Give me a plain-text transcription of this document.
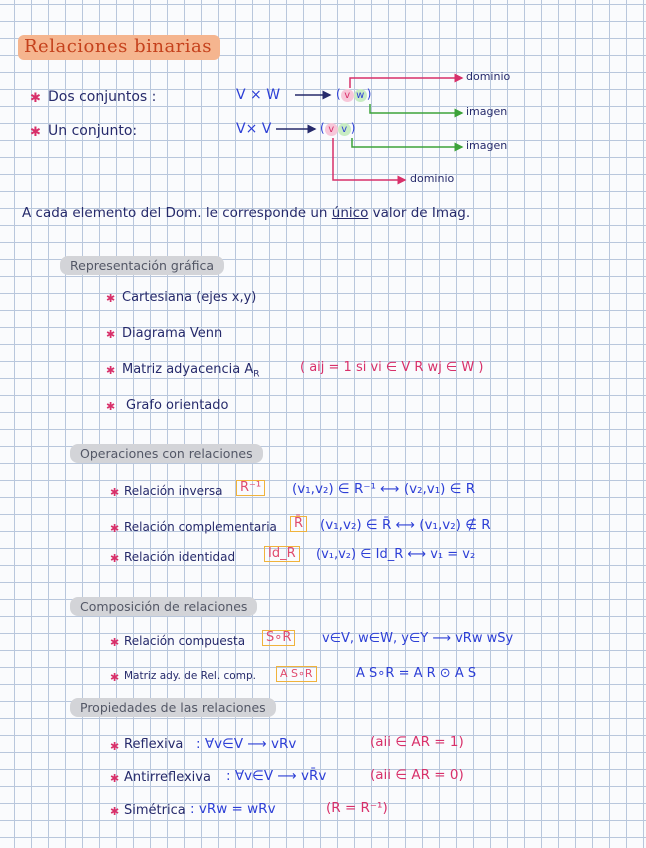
Relaciones binarias
✱ Dos conjuntos :	V × W
✱ Un conjunto:	V× V
( v w )
( v v )
dominio
imagen
imagen
dominio
A cada elemento del Dom. le corresponde un único valor de Imag.
Representación gráfica
✱ Cartesiana (ejes x,y)
✱ Diagrama Venn
✱ Matriz adyacencia $A_R$	( aij = 1 si vi ∈ V R wj ∈ W )
✱ Grafo orientado
Operaciones con relaciones
✱ Relación inversa	R⁻¹ (v₁,v₂) ∈ R⁻¹ ⟷ (v₂,v₁) ∈ R
✱ Relación complementaria	R̄ (v₁,v₂) ∈ R̄ ⟷ (v₁,v₂) ∉ R
✱ Relación identidad	Id_R	(v₁,v₂) ∈ Id_R ⟷ v₁ = v₂
Composición de relaciones
✱ Relación compuesta	S∘R	v∈V, w∈W, y∈Y ⟶ vRw wSy
✱ Matriz ady. de Rel. comp.	A S∘R	A S∘R = A R ⊙ A S
Propiedades de las relaciones
✱ Reflexiva : ∀v∈V ⟶ vRv	(aii ∈ AR = 1)
✱ Antirreflexiva : ∀v∈V ⟶ vR̄v	(aii ∈ AR = 0)
✱ Simétrica : vRw = wRv	(R = R⁻¹)
